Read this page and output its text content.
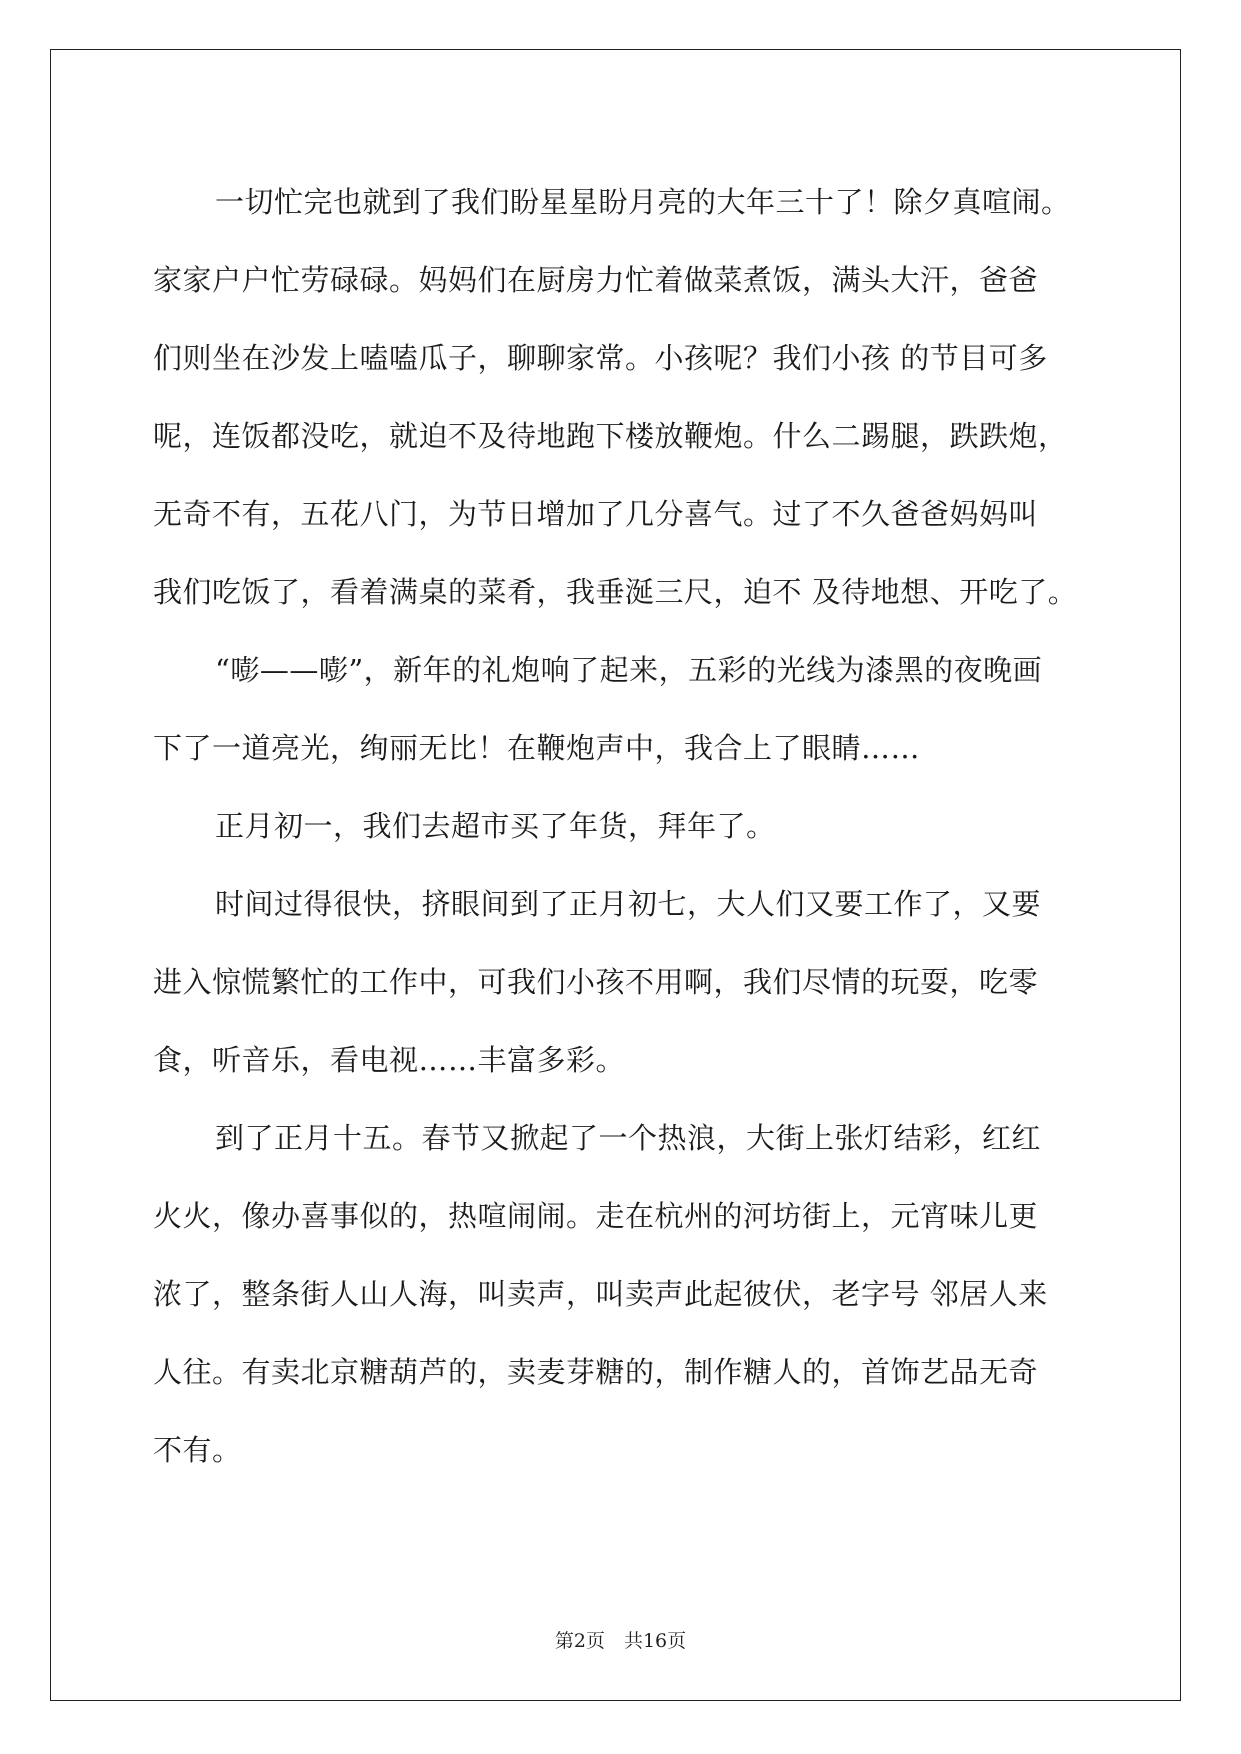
一切忙完也就到了我们盼星星盼月亮的大年三十了！除夕真喧闹。
家家户户忙劳碌碌。妈妈们在厨房力忙着做菜煮饭，满头大汗，爸爸
们则坐在沙发上嗑嗑瓜子，聊聊家常。小孩呢？我们小孩 的节目可多
呢，连饭都没吃，就迫不及待地跑下楼放鞭炮。什么二踢腿，跌跌炮，
无奇不有，五花八门，为节日增加了几分喜气。过了不久爸爸妈妈叫
我们吃饭了，看着满桌的菜肴，我垂涎三尺，迫不 及待地想、开吃了。
“嘭——嘭”，新年的礼炮响了起来，五彩的光线为漆黑的夜晚画
下了一道亮光，绚丽无比！在鞭炮声中，我合上了眼睛……
正月初一，我们去超市买了年货，拜年了。
时间过得很快，挤眼间到了正月初七，大人们又要工作了，又要
进入惊慌繁忙的工作中，可我们小孩不用啊，我们尽情的玩耍，吃零
食，听音乐，看电视……丰富多彩。
到了正月十五。春节又掀起了一个热浪，大街上张灯结彩，红红
火火，像办喜事似的，热喧闹闹。走在杭州的河坊街上，元宵味儿更
浓了，整条街人山人海，叫卖声，叫卖声此起彼伏，老字号 邻居人来
人往。有卖北京糖葫芦的，卖麦芽糖的，制作糖人的，首饰艺品无奇
不有。
第2页　共16页
